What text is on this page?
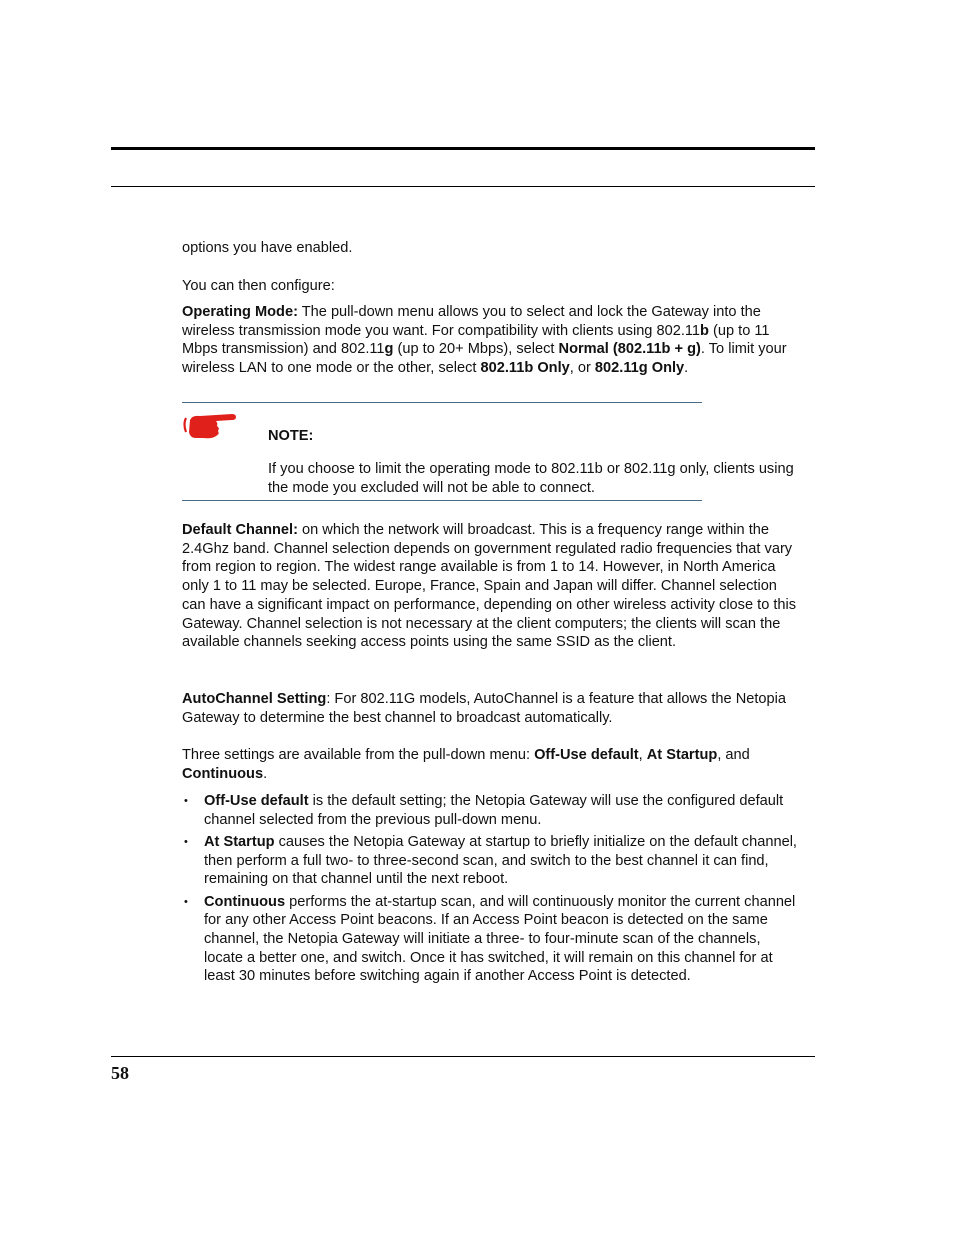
options you have enabled.

You can then configure:

Operating Mode: The pull-down menu allows you to select and lock the Gateway into the wireless transmission mode you want. For compatibility with clients using 802.11b (up to 11 Mbps transmission) and 802.11g (up to 20+ Mbps), select Normal (802.11b + g). To limit your wireless LAN to one mode or the other, select 802.11b Only, or 802.11g Only.

NOTE:

If you choose to limit the operating mode to 802.11b or 802.11g only, clients using the mode you excluded will not be able to connect.

Default Channel: on which the network will broadcast. This is a frequency range within the 2.4Ghz band. Channel selection depends on government regulated radio frequencies that vary from region to region. The widest range available is from 1 to 14. However, in North America only 1 to 11 may be selected. Europe, France, Spain and Japan will differ. Channel selection can have a significant impact on performance, depending on other wireless activity close to this Gateway. Channel selection is not necessary at the client computers; the clients will scan the available channels seeking access points using the same SSID as the client.

AutoChannel Setting: For 802.11G models, AutoChannel is a feature that allows the Netopia Gateway to determine the best channel to broadcast automatically.

Three settings are available from the pull-down menu: Off-Use default, At Startup, and Continuous.

• Off-Use default is the default setting; the Netopia Gateway will use the configured default channel selected from the previous pull-down menu.
• At Startup causes the Netopia Gateway at startup to briefly initialize on the default channel, then perform a full two- to three-second scan, and switch to the best channel it can find, remaining on that channel until the next reboot.
• Continuous performs the at-startup scan, and will continuously monitor the current channel for any other Access Point beacons. If an Access Point beacon is detected on the same channel, the Netopia Gateway will initiate a three- to four-minute scan of the channels, locate a better one, and switch. Once it has switched, it will remain on this channel for at least 30 minutes before switching again if another Access Point is detected.
58
